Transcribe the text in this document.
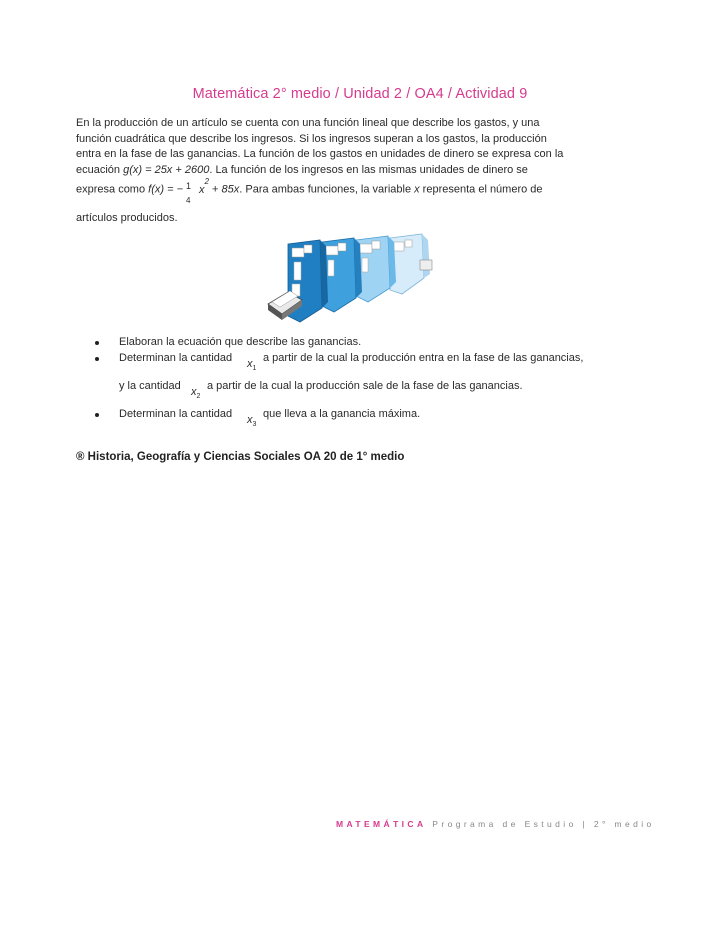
Matemática 2° medio / Unidad 2 / OA4 / Actividad 9
En la producción de un artículo se cuenta con una función lineal que describe los gastos, y una
función cuadrática que describe los ingresos. Si los ingresos superan a los gastos, la producción
entra en la fase de las ganancias. La función de los gastos en unidades de dinero se expresa con la
ecuación g(x) = 25x + 2600. La función de los ingresos en las mismas unidades de dinero se
expresa como f(x) = − 1
4
$x^2 + 85x$. Para ambas funciones, la variable x representa el número de
artículos producidos.
Elaboran la ecuación que describe las ganancias.
Determinan la cantidad $x_1$
a partir de la cual la producción entra en la fase de las ganancias,
y la cantidad $x_2$
a partir de la cual la producción sale de la fase de las ganancias.
Determinan la cantidad $x_3$
que lleva a la ganancia máxima.
® Historia, Geografía y Ciencias Sociales OA 20 de 1° medio
MATEMÁTICA Programa de Estudio | 2° medio
